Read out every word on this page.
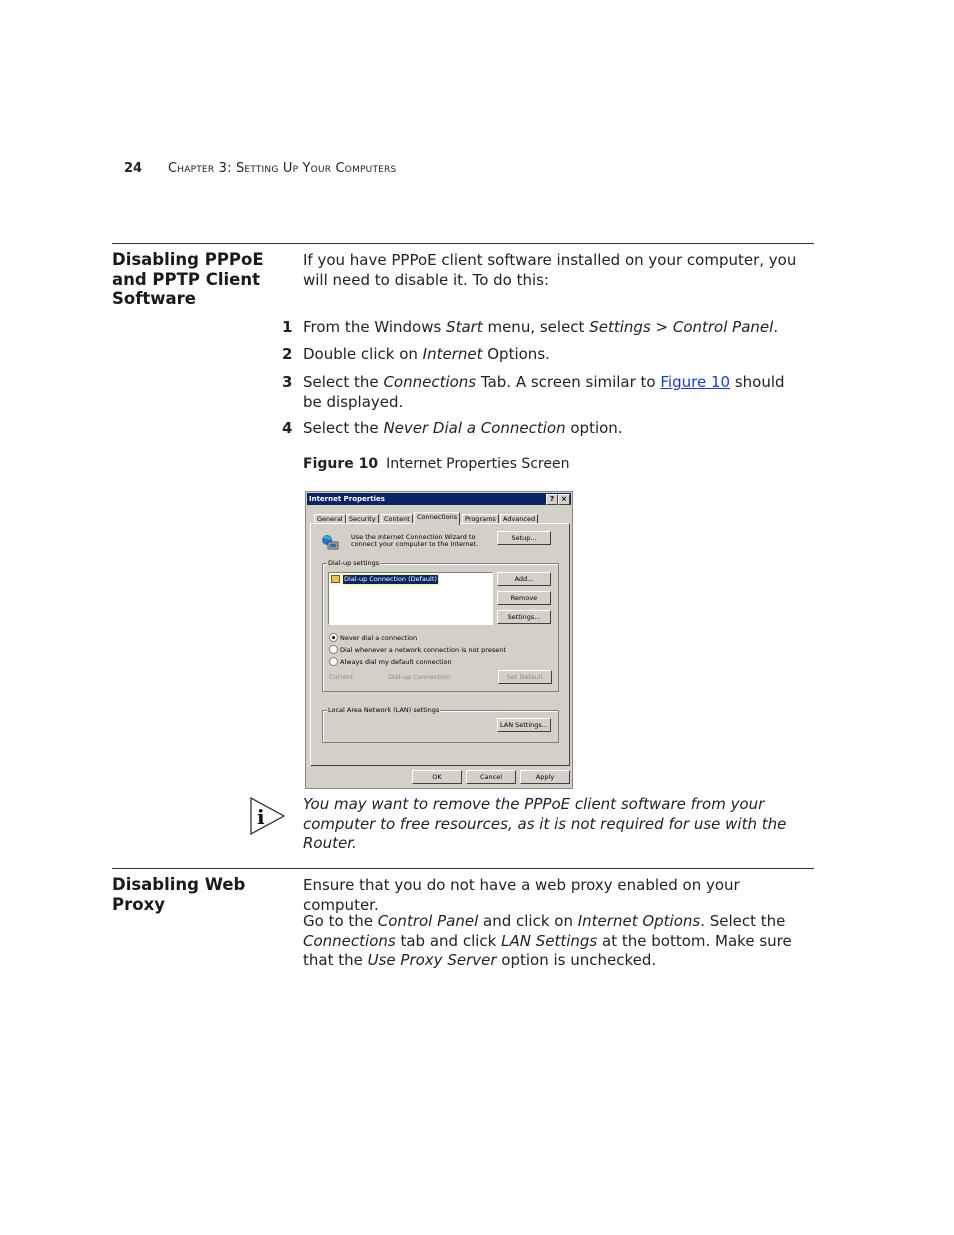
24 Chapter 3: Setting Up Your Computers
Disabling PPPoE and PPTP Client Software
If you have PPPoE client software installed on your computer, you will need to disable it. To do this:
1 From the Windows Start menu, select Settings > Control Panel.
2 Double click on Internet Options.
3 Select the Connections Tab. A screen similar to Figure 10 should be displayed.
4 Select the Never Dial a Connection option.
Figure 10 Internet Properties Screen
Internet Properties	?	×
General Security	Content	Connections	Programs	Advanced
Use the Internet Connection Wizard to
connect your computer to the Internet.
Setup...
Dial-up settings
Dial-up Connection (Default)	Add...
Remove
Settings...
Never dial a connection
Dial whenever a network connection is not present
Always dial my default connection
Current	Dial-up Connection	Set Default
Local Area Network (LAN) settings
LAN Settings...
OK	Cancel	Apply
i
You may want to remove the PPPoE client software from your computer to free resources, as it is not required for use with the Router.
Disabling Web Proxy
Ensure that you do not have a web proxy enabled on your computer.
Go to the Control Panel and click on Internet Options. Select the Connections tab and click LAN Settings at the bottom. Make sure that the Use Proxy Server option is unchecked.
